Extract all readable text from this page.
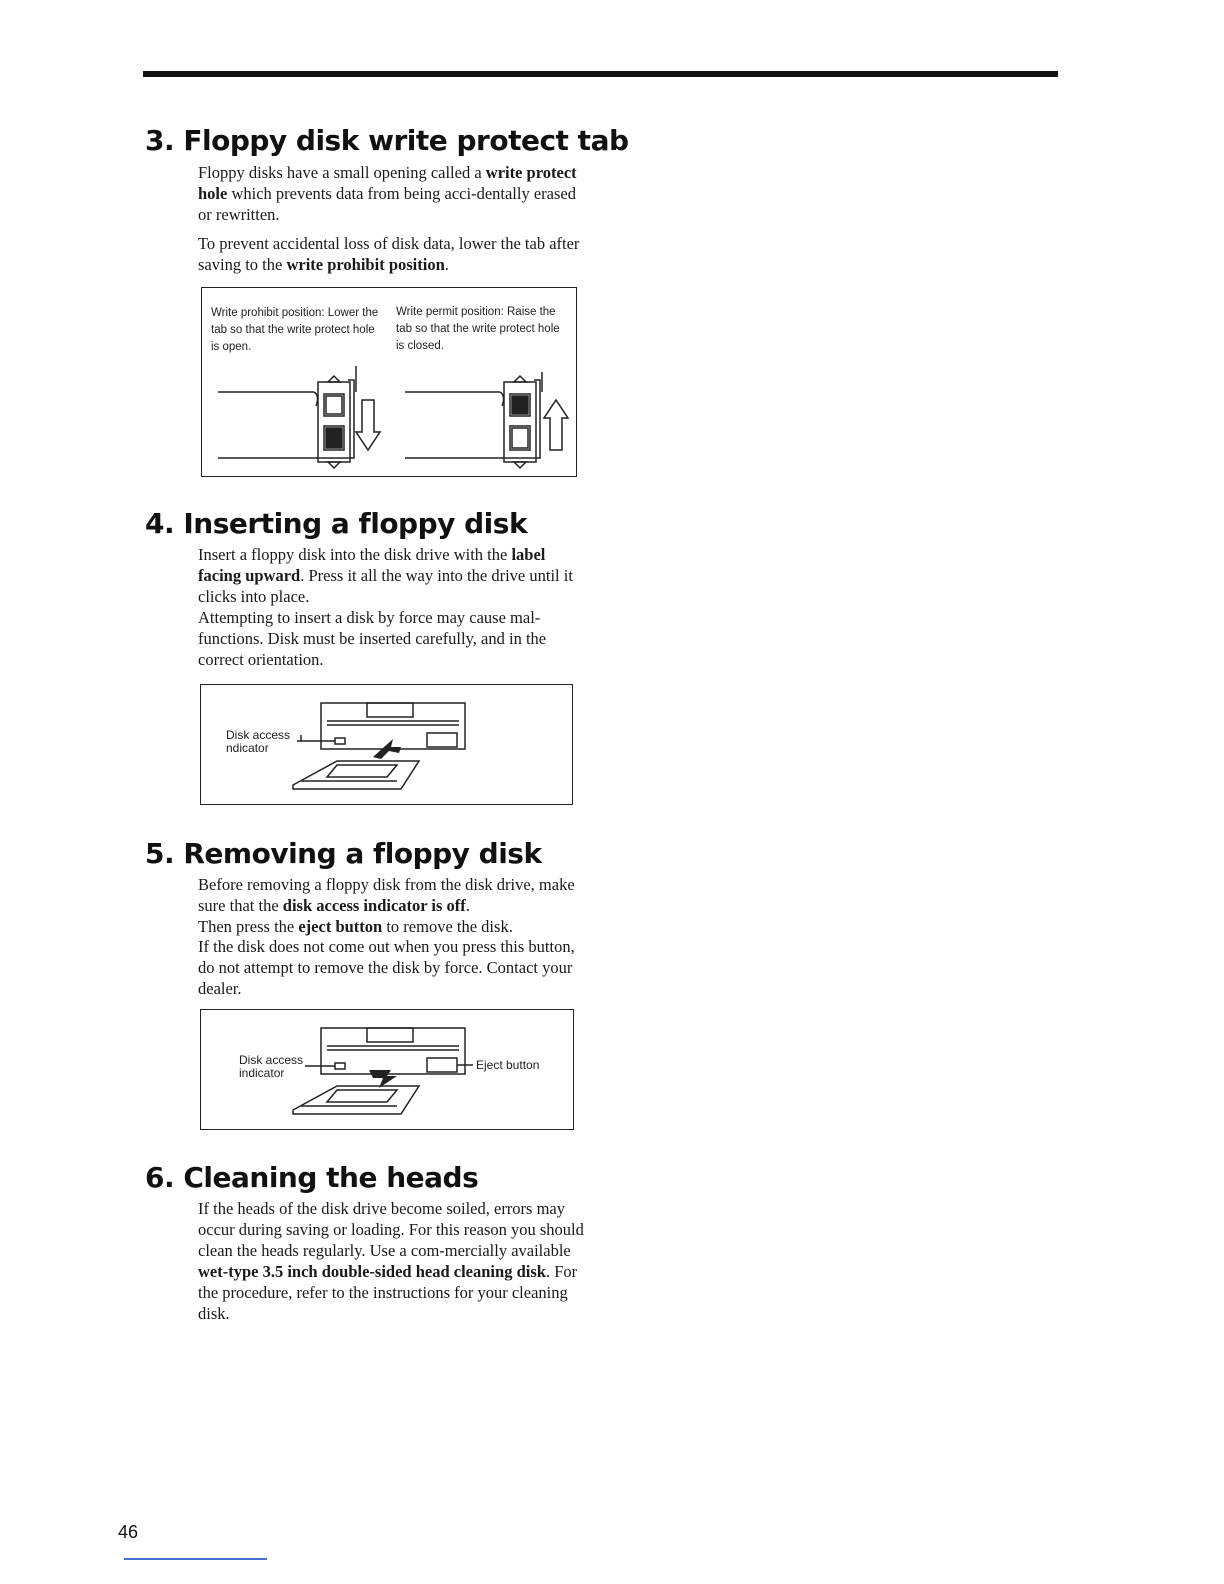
3. Floppy disk write protect tab

Floppy disks have a small opening called a write protect hole which prevents data from being acci-dentally erased or rewritten.

To prevent accidental loss of disk data, lower the tab after saving to the write prohibit position.

Write prohibit position: Lower the tab so that the write protect hole is open.
Write permit position: Raise the tab so that the write protect hole is closed.
4. Inserting a floppy disk

Insert a floppy disk into the disk drive with the label facing upward. Press it all the way into the drive until it clicks into place.

Attempting to insert a disk by force may cause mal-functions. Disk must be inserted carefully, and in the correct orientation.

Disk access
ndicator
5. Removing a floppy disk

Before removing a floppy disk from the disk drive, make sure that the disk access indicator is off.

Then press the eject button to remove the disk.

If the disk does not come out when you press this button, do not attempt to remove the disk by force. Contact your dealer.

Disk access
indicator
Eject button
6. Cleaning the heads

If the heads of the disk drive become soiled, errors may occur during saving or loading. For this reason you should clean the heads regularly. Use a com-mercially available wet-type 3.5 inch double-sided head cleaning disk. For the procedure, refer to the instructions for your cleaning disk.

46
